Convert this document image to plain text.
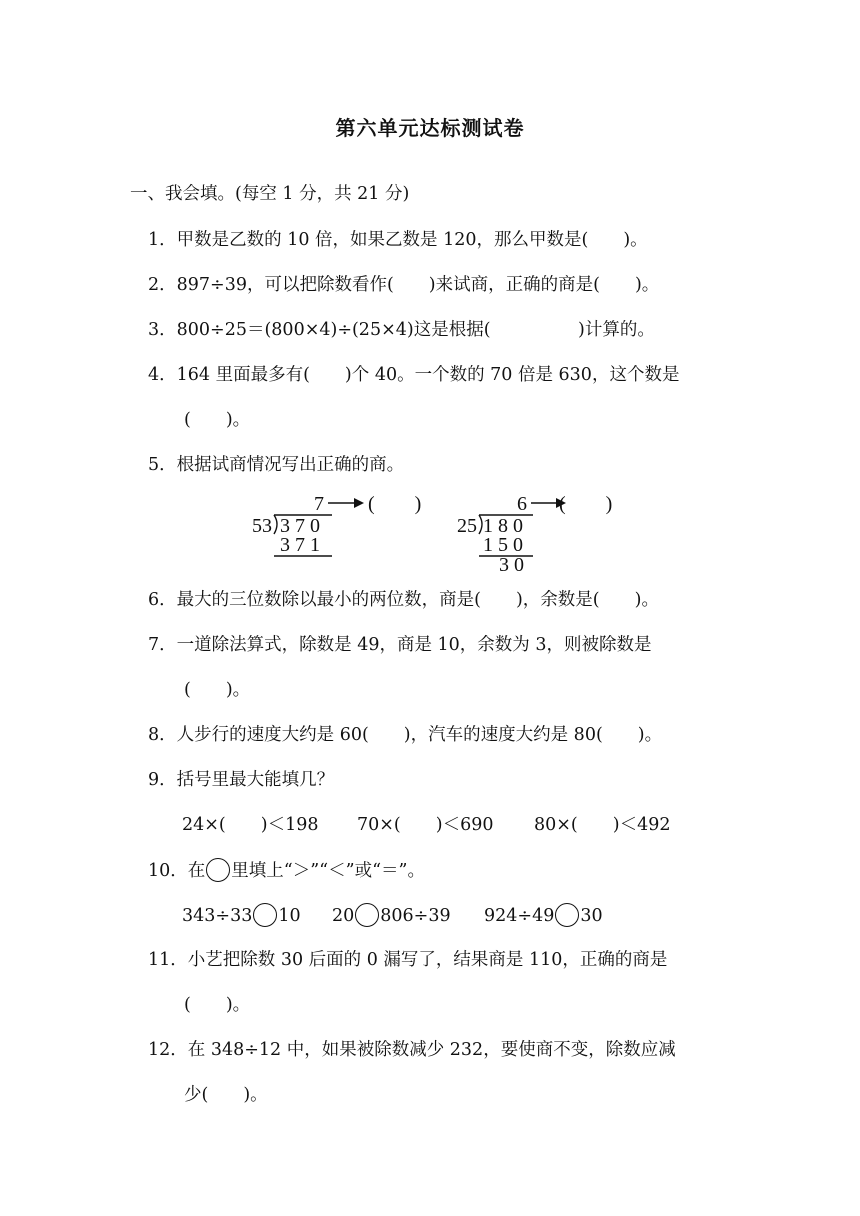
第六单元达标测试卷
一、我会填。(每空 1 分，共 21 分)
1．甲数是乙数的 10 倍，如果乙数是 120，那么甲数是(　　)。
2．897÷39，可以把除数看作(　　)来试商，正确的商是(　　)。
3．800÷25＝(800×4)÷(25×4)这是根据(　　　　　)计算的。
4．164 里面最多有(　　)个 40。一个数的 70 倍是 630，这个数是
(　　)。
5．根据试商情况写出正确的商。
7 (　　)
53 3 7 0
3 7 1
6 (　　)
25 1 8 0
1 5 0
3 0
6．最大的三位数除以最小的两位数，商是(　　)，余数是(　　)。
7．一道除法算式，除数是 49，商是 10，余数为 3，则被除数是
(　　)。
8．人步行的速度大约是 60(　　)，汽车的速度大约是 80(　　)。
9．括号里最大能填几？
24×(　　)＜198 70×(　　)＜690 80×(　　)＜492
10．在 里填上“＞”“＜”或“＝”。
343÷33 10 20 806÷39 924÷49 30
11．小艺把除数 30 后面的 0 漏写了，结果商是 110，正确的商是
(　　)。
12．在 348÷12 中，如果被除数减少 232，要使商不变，除数应减
少(　　)。
